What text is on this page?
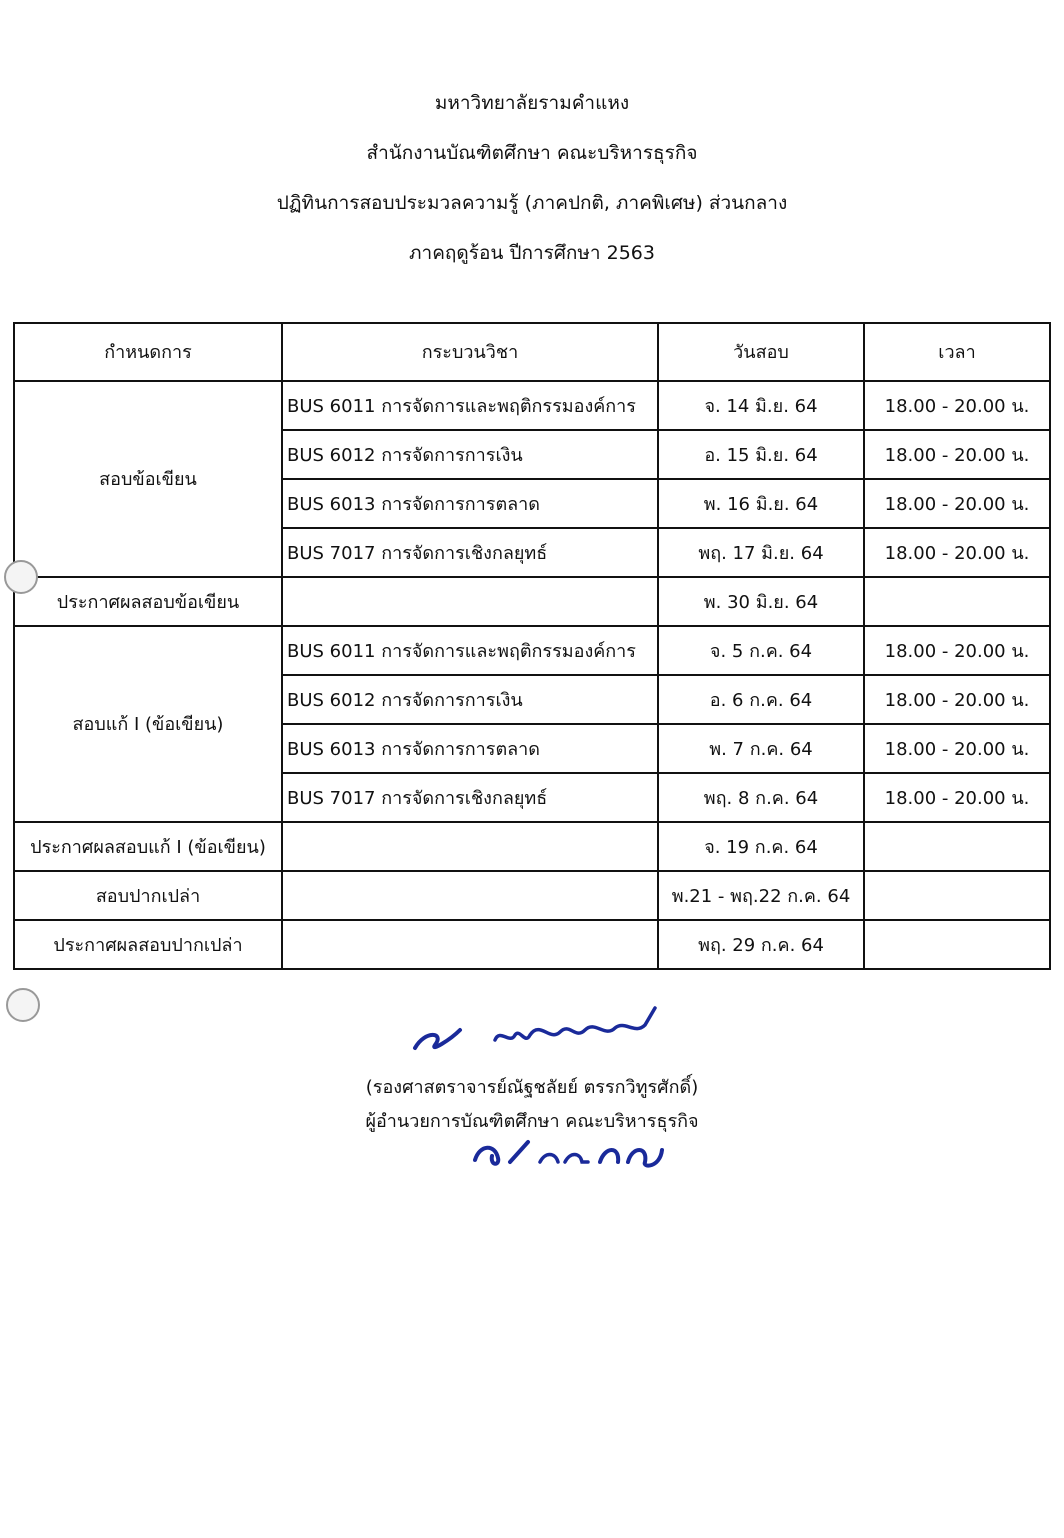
มหาวิทยาลัยรามคำแหง
สำนักงานบัณฑิตศึกษา คณะบริหารธุรกิจ
ปฏิทินการสอบประมวลความรู้ (ภาคปกติ, ภาคพิเศษ) ส่วนกลาง
ภาคฤดูร้อน ปีการศึกษา 2563
กำหนดการ	กระบวนวิชา	วันสอบ	เวลา
สอบข้อเขียน	BUS 6011 การจัดการและพฤติกรรมองค์การ	จ. 14 มิ.ย. 64	18.00 - 20.00 น.
	BUS 6012 การจัดการการเงิน	อ. 15 มิ.ย. 64	18.00 - 20.00 น.
	BUS 6013 การจัดการการตลาด	พ. 16 มิ.ย. 64	18.00 - 20.00 น.
	BUS 7017 การจัดการเชิงกลยุทธ์	พฤ. 17 มิ.ย. 64	18.00 - 20.00 น.
ประกาศผลสอบข้อเขียน		พ. 30 มิ.ย. 64	
สอบแก้ I (ข้อเขียน)	BUS 6011 การจัดการและพฤติกรรมองค์การ	จ. 5 ก.ค. 64	18.00 - 20.00 น.
	BUS 6012 การจัดการการเงิน	อ. 6 ก.ค. 64	18.00 - 20.00 น.
	BUS 6013 การจัดการการตลาด	พ. 7 ก.ค. 64	18.00 - 20.00 น.
	BUS 7017 การจัดการเชิงกลยุทธ์	พฤ. 8 ก.ค. 64	18.00 - 20.00 น.
ประกาศผลสอบแก้ I (ข้อเขียน)		จ. 19 ก.ค. 64	
สอบปากเปล่า		พ.21 - พฤ.22 ก.ค. 64	
ประกาศผลสอบปากเปล่า		พฤ. 29 ก.ค. 64	
(รองศาสตราจารย์ณัฐชลัยย์ ตรรกวิทูรศักดิ์)
ผู้อำนวยการบัณฑิตศึกษา คณะบริหารธุรกิจ
